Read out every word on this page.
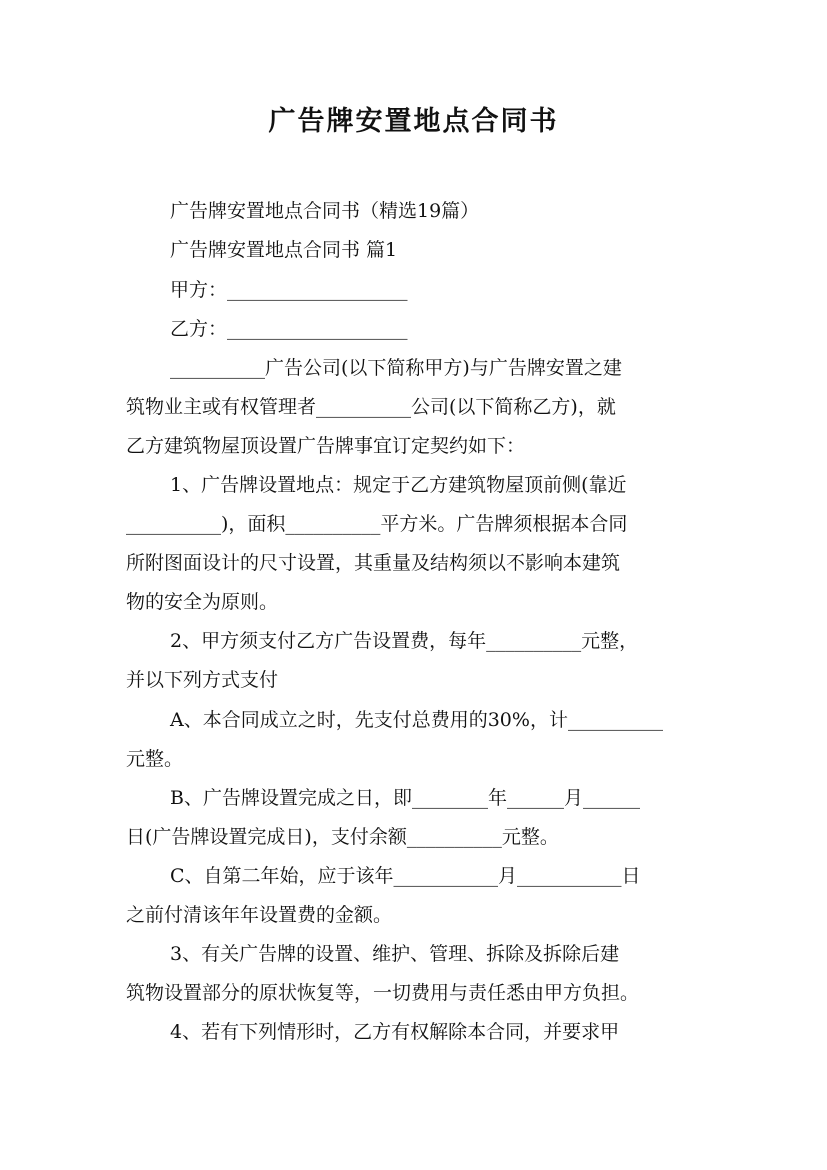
广告牌安置地点合同书
广告牌安置地点合同书（精选19篇）
广告牌安置地点合同书 篇1
甲方：___________________
乙方：___________________
__________广告公司(以下简称甲方)与广告牌安置之建
筑物业主或有权管理者__________公司(以下简称乙方)，就
乙方建筑物屋顶设置广告牌事宜订定契约如下：
1、广告牌设置地点：规定于乙方建筑物屋顶前侧(靠近
__________)，面积__________平方米。广告牌须根据本合同
所附图面设计的尺寸设置，其重量及结构须以不影响本建筑
物的安全为原则。
2、甲方须支付乙方广告设置费，每年__________元整，
并以下列方式支付
A、本合同成立之时，先支付总费用的30%，计__________
元整。
B、广告牌设置完成之日，即________年______月______
日(广告牌设置完成日)，支付余额__________元整。
C、自第二年始，应于该年___________月___________日
之前付清该年年设置费的金额。
3、有关广告牌的设置、维护、管理、拆除及拆除后建
筑物设置部分的原状恢复等，一切费用与责任悉由甲方负担。
4、若有下列情形时，乙方有权解除本合同，并要求甲
